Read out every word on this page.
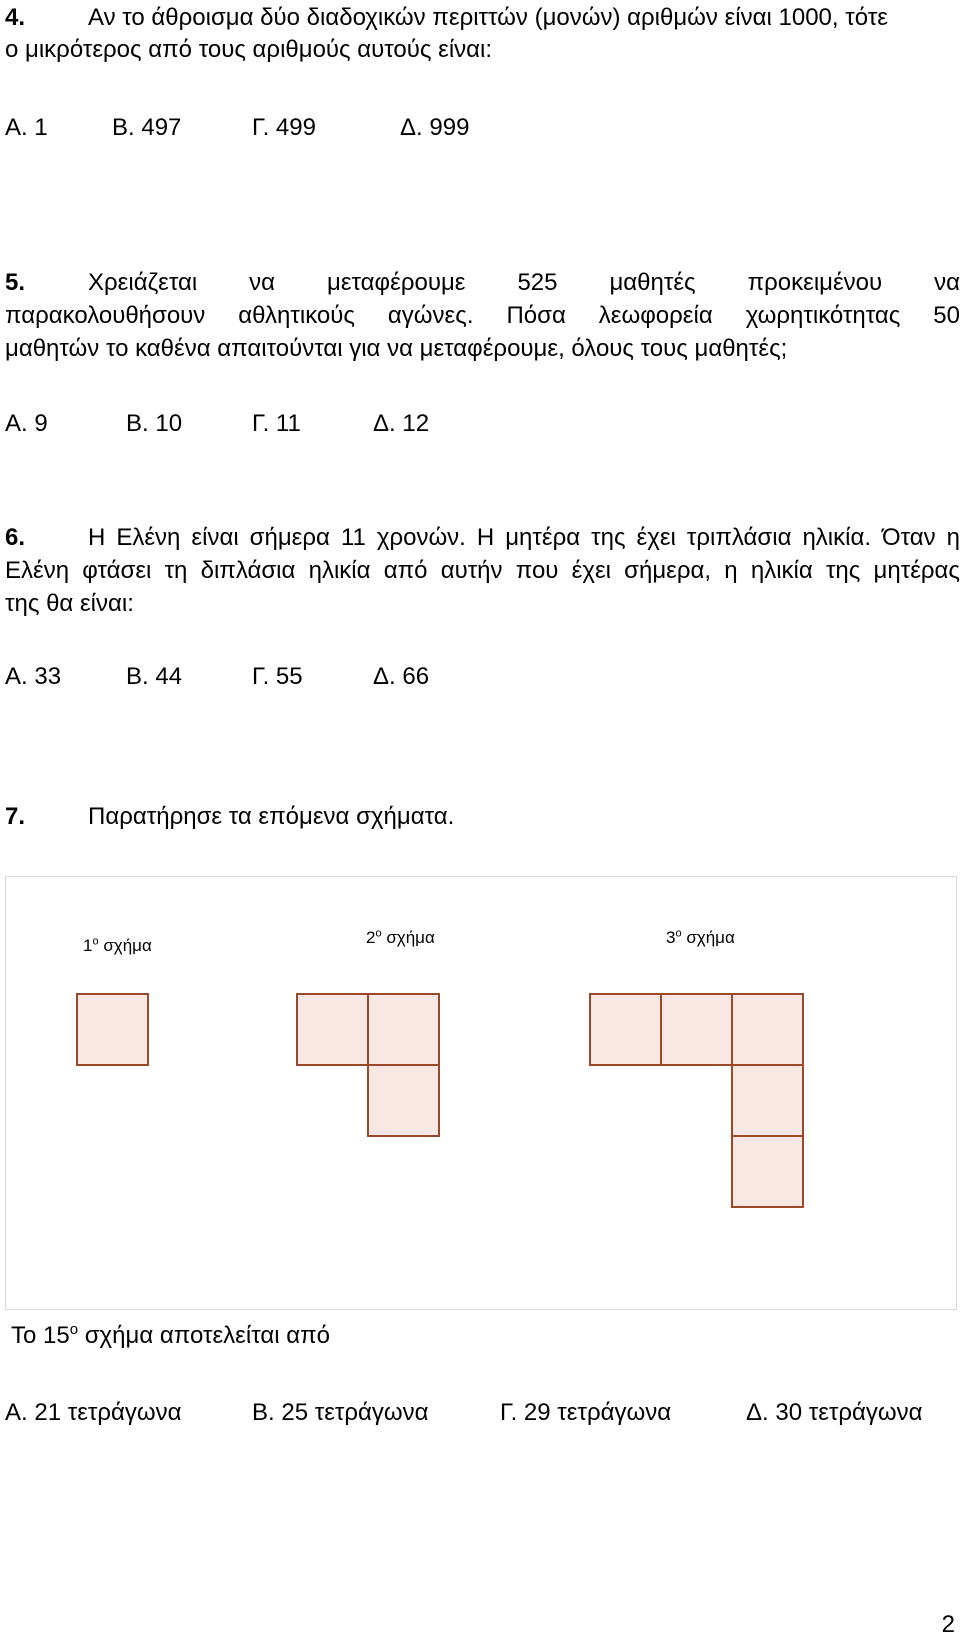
4.	Αν το άθροισμα δύο διαδοχικών περιττών (μονών) αριθμών είναι 1000, τότε
ο μικρότερος από τους αριθμούς αυτούς είναι:
Α. 1	Β. 497	Γ. 499	Δ. 999
5.	Χρειάζεται να μεταφέρουμε 525 μαθητές προκειμένου να
παρακολουθήσουν αθλητικούς αγώνες. Πόσα λεωφορεία χωρητικότητας 50
μαθητών το καθένα απαιτούνται για να μεταφέρουμε, όλους τους μαθητές;
Α. 9	Β. 10	Γ. 11	Δ. 12
6.	Η Ελένη είναι σήμερα 11 χρονών. Η μητέρα της έχει τριπλάσια ηλικία. Όταν η
Ελένη φτάσει τη διπλάσια ηλικία από αυτήν που έχει σήμερα, η ηλικία της μητέρας
της θα είναι:
Α. 33	Β. 44	Γ. 55	Δ. 66
7.	Παρατήρησε τα επόμενα σχήματα.
$1^o$ σχήμα	$2^o$ σχήμα	$3^o$ σχήμα
Το $15^o$ σχήμα αποτελείται από
Α. 21 τετράγωνα	Β. 25 τετράγωνα	Γ. 29 τετράγωνα	Δ. 30 τετράγωνα
2
